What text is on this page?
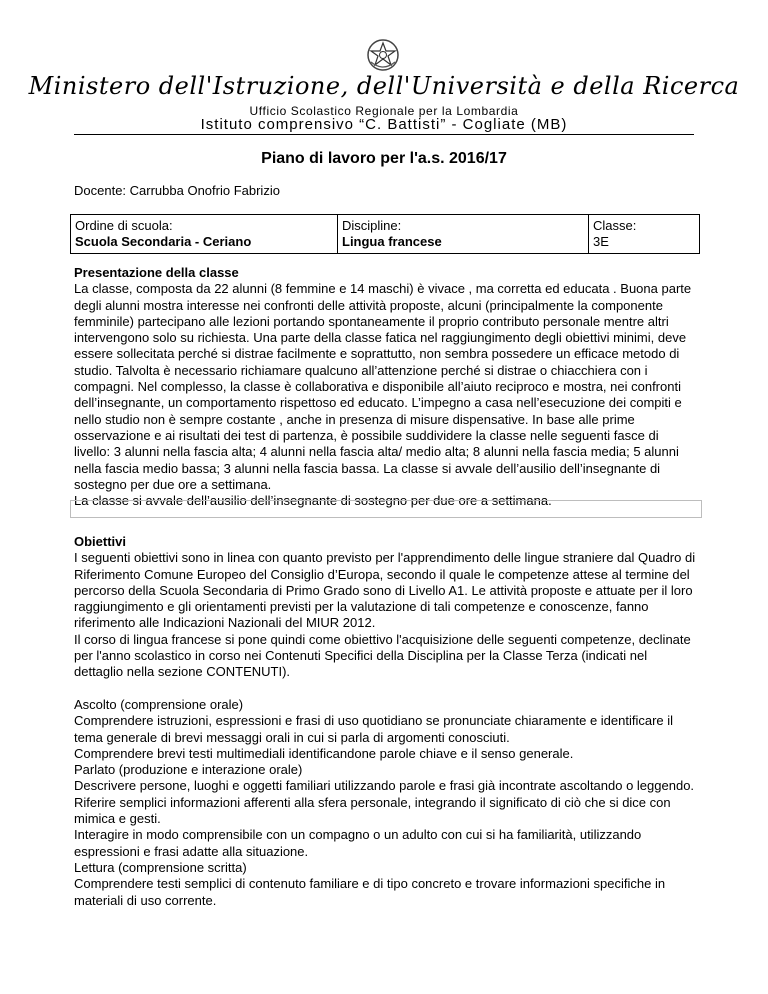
Ministero dell'Istruzione, dell'Università e della Ricerca
Ufficio Scolastico Regionale per la Lombardia
Istituto comprensivo “C. Battisti” - Cogliate (MB)
Piano di lavoro per l'a.s. 2016/17
Docente: Carrubba Onofrio Fabrizio
Ordine di scuola:
Scuola Secondaria - Ceriano

Discipline:
Lingua francese

Classe:
3E

Presentazione della classe

La classe, composta da 22 alunni (8 femmine e 14 maschi) è vivace , ma corretta ed educata . Buona parte degli alunni mostra interesse nei confronti delle attività proposte, alcuni (principalmente la componente femminile) partecipano alle lezioni portando spontaneamente il proprio contributo personale mentre altri intervengono solo su richiesta. Una parte della classe fatica nel raggiungimento degli obiettivi minimi, deve essere sollecitata perché si distrae facilmente e soprattutto, non sembra possedere un efficace metodo di studio. Talvolta è necessario richiamare qualcuno all’attenzione perché si distrae o chiacchiera con i compagni. Nel complesso, la classe è collaborativa e disponibile all’aiuto reciproco e mostra, nei confronti dell’insegnante, un comportamento rispettoso ed educato. L’impegno a casa nell’esecuzione dei compiti e nello studio non è sempre costante , anche in presenza di misure dispensative. In base alle prime osservazione e ai risultati dei test di partenza, è possibile suddividere la classe nelle seguenti fasce di livello: 3 alunni nella fascia alta; 4 alunni nella fascia alta/ medio alta; 8 alunni nella fascia media; 5 alunni nella fascia medio bassa; 3 alunni nella fascia bassa. La classe si avvale dell’ausilio dell’insegnante di sostegno per due ore a settimana.

La classe si avvale dell’ausilio dell’insegnante di sostegno per due ore a settimana.

Obiettivi

I seguenti obiettivi sono in linea con quanto previsto per l'apprendimento delle lingue straniere dal Quadro di Riferimento Comune Europeo del Consiglio d’Europa, secondo il quale le competenze attese al termine del percorso della Scuola Secondaria di Primo Grado sono di Livello A1. Le attività proposte e attuate per il loro raggiungimento e gli orientamenti previsti per la valutazione di tali competenze e conoscenze, fanno riferimento alle Indicazioni Nazionali del MIUR 2012.

Il corso di lingua francese si pone quindi come obiettivo l'acquisizione delle seguenti competenze, declinate per l'anno scolastico in corso nei Contenuti Specifici della Disciplina per la Classe Terza (indicati nel dettaglio nella sezione CONTENUTI).

Ascolto (comprensione orale)

Comprendere istruzioni, espressioni e frasi di uso quotidiano se pronunciate chiaramente e identificare il tema generale di brevi messaggi orali in cui si parla di argomenti conosciuti.

Comprendere brevi testi multimediali identificandone parole chiave e il senso generale.

Parlato (produzione e interazione orale)

Descrivere persone, luoghi e oggetti familiari utilizzando parole e frasi già incontrate ascoltando o leggendo.

Riferire semplici informazioni afferenti alla sfera personale, integrando il significato di ciò che si dice con mimica e gesti.

Interagire in modo comprensibile con un compagno o un adulto con cui si ha familiarità, utilizzando espressioni e frasi adatte alla situazione.

Lettura (comprensione scritta)

Comprendere testi semplici di contenuto familiare e di tipo concreto e trovare informazioni specifiche in materiali di uso corrente.
